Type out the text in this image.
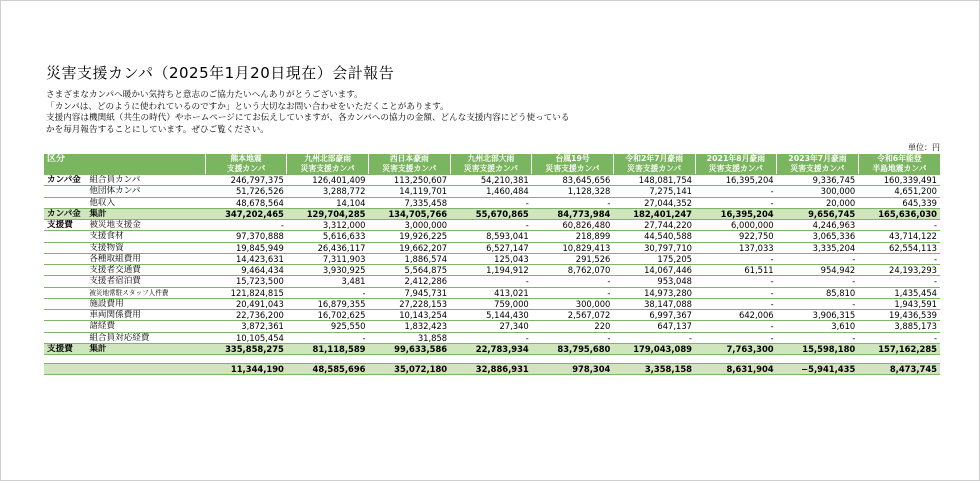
災害支援カンパ（2025年1月20日現在）会計報告
さまざまなカンパへ暖かい気持ちと意志のご協力たいへんありがとうございます。
「カンパは、どのように使われているのですか」という大切なお問い合わせをいただくことがあります。
支援内容は機関紙（共生の時代）やホームページにてお伝えしていますが、各カンパへの協力の金額、どんな支援内容にどう使っている
かを毎月報告することにしています。ぜひご覧ください。
単位：円
区分		熊本地震	九州北部豪雨	西日本豪雨	九州北部大雨	台風19号	令和2年7月豪雨	2021年8月豪雨	2023年7月豪雨	令和6年能登
		支援カンパ	災害支援カンパ	災害支援カンパ	災害支援カンパ	災害支援カンパ	災害支援カンパ	災害支援カンパ	災害支援カンパ	半島地震カンパ
カンパ金	組合員カンパ	246,797,375	126,401,409	113,250,607	54,210,381	83,645,656	148,081,754	16,395,204	9,336,745	160,339,491
	他団体カンパ	51,726,526	3,288,772	14,119,701	1,460,484	1,128,328	7,275,141	-	300,000	4,651,200
	他収入	48,678,564	14,104	7,335,458	-	-	27,044,352	-	20,000	645,339
カンパ金	集計	347,202,465	129,704,285	134,705,766	55,670,865	84,773,984	182,401,247	16,395,204	9,656,745	165,636,030
支援費	被災地支援金	-	3,312,000	3,000,000	-	60,826,480	27,744,220	6,000,000	4,246,963	-
	支援食材	97,370,888	5,616,633	19,926,225	8,593,041	218,899	44,540,588	922,750	3,065,336	43,714,122
	支援物資	19,845,949	26,436,117	19,662,207	6,527,147	10,829,413	30,797,710	137,033	3,335,204	62,554,113
	各種取組費用	14,423,631	7,311,903	1,886,574	125,043	291,526	175,205	-	-	-
	支援者交通費	9,464,434	3,930,925	5,564,875	1,194,912	8,762,070	14,067,446	61,511	954,942	24,193,293
	支援者宿泊費	15,723,500	3,481	2,412,286	-	-	953,048	-	-	-
	被災地常駐スタッフ人件費	121,824,815	-	7,945,731	413,021	-	14,973,280	-	85,810	1,435,454
	施設費用	20,491,043	16,879,355	27,228,153	759,000	300,000	38,147,088	-	-	1,943,591
	車両関係費用	22,736,200	16,702,625	10,143,254	5,144,430	2,567,072	6,997,367	642,006	3,906,315	19,436,539
	諸経費	3,872,361	925,550	1,832,423	27,340	220	647,137	-	3,610	3,885,173
	組合員対応経費	10,105,454	-	31,858	-	-	-	-	-	-
支援費	集計	335,858,275	81,118,589	99,633,586	22,783,934	83,795,680	179,043,089	7,763,300	15,598,180	157,162,285

		11,344,190	48,585,696	35,072,180	32,886,931	978,304	3,358,158	8,631,904	−5,941,435	8,473,745
